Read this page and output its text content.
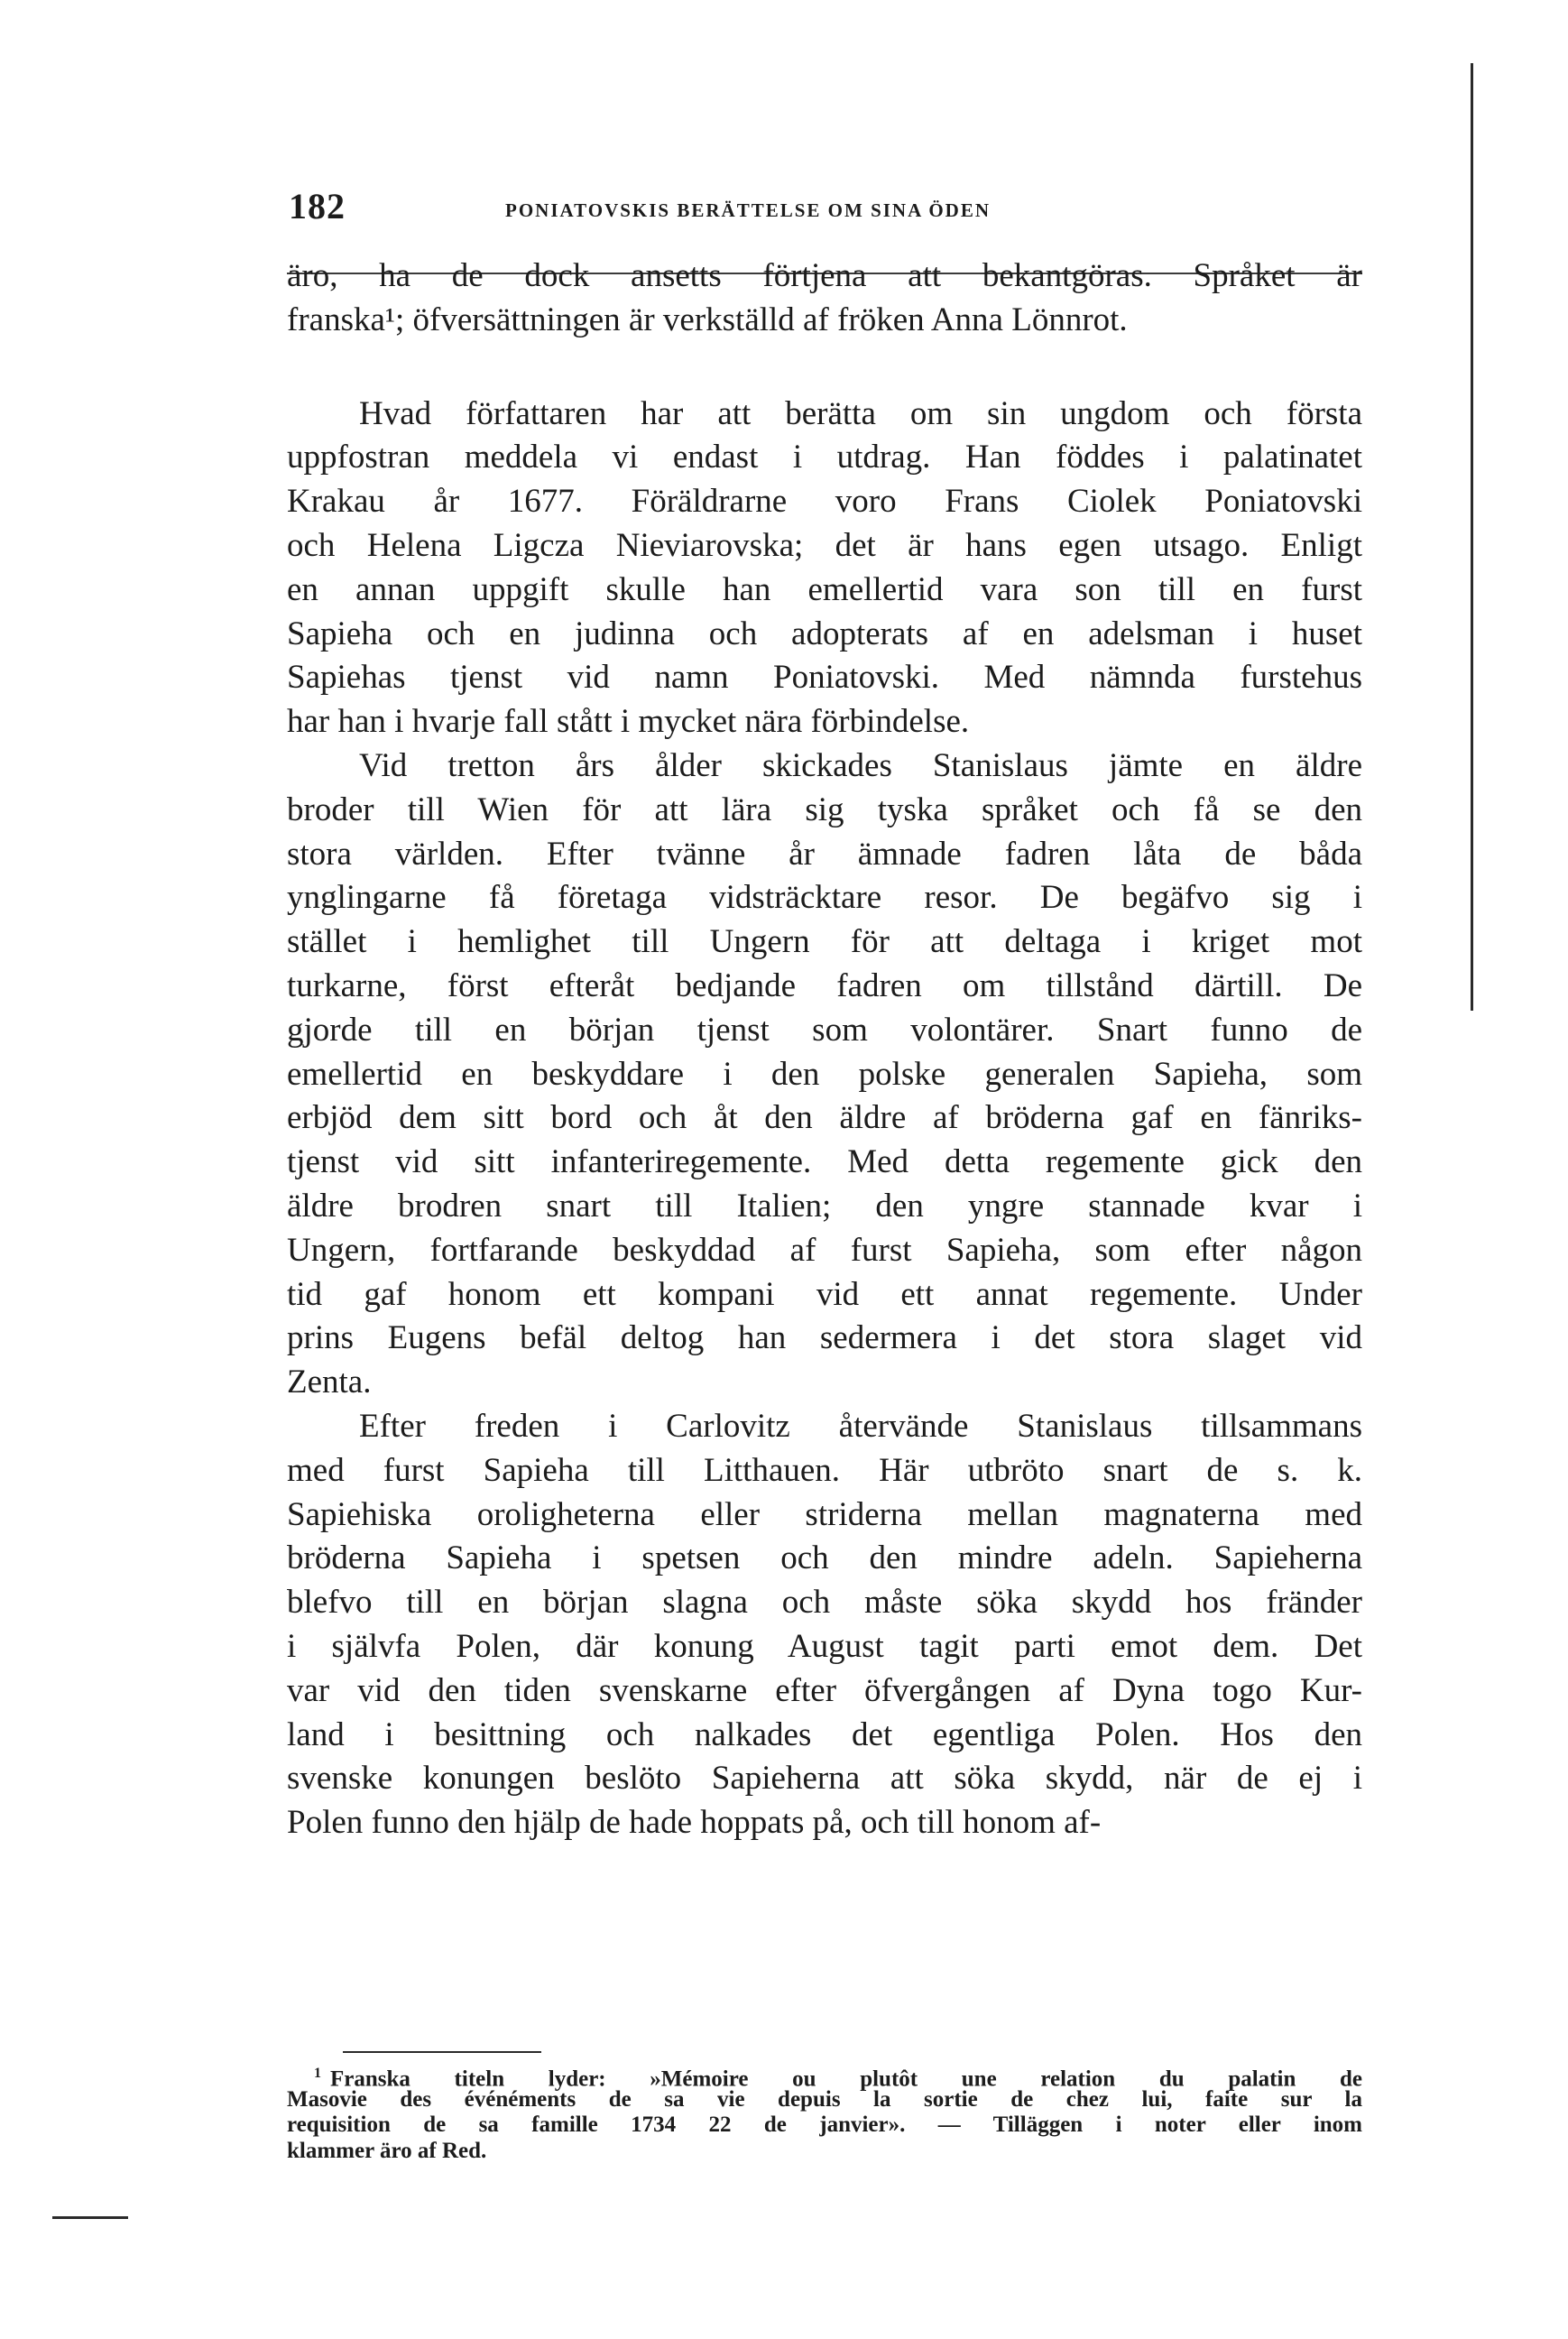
182	PONIATOVSKIS BERÄTTELSE OM SINA ÖDEN
äro, ha de dock ansetts förtjena att bekantgöras. Språket är
franska¹; öfversättningen är verkställd af fröken Anna Lönnrot.
Hvad författaren har att berätta om sin ungdom och första
uppfostran meddela vi endast i utdrag. Han föddes i palatinatet
Krakau år 1677. Föräldrarne voro Frans Ciolek Poniatovski
och Helena Ligcza Nieviarovska; det är hans egen utsago. Enligt
en annan uppgift skulle han emellertid vara son till en furst
Sapieha och en judinna och adopterats af en adelsman i huset
Sapiehas tjenst vid namn Poniatovski. Med nämnda furstehus
har han i hvarje fall stått i mycket nära förbindelse.
Vid tretton års ålder skickades Stanislaus jämte en äldre
broder till Wien för att lära sig tyska språket och få se den
stora världen. Efter tvänne år ämnade fadren låta de båda
ynglingarne få företaga vidsträcktare resor. De begäfvo sig i
stället i hemlighet till Ungern för att deltaga i kriget mot
turkarne, först efteråt bedjande fadren om tillstånd därtill. De
gjorde till en början tjenst som volontärer. Snart funno de
emellertid en beskyddare i den polske generalen Sapieha, som
erbjöd dem sitt bord och åt den äldre af bröderna gaf en fänriks-
tjenst vid sitt infanteriregemente. Med detta regemente gick den
äldre brodren snart till Italien; den yngre stannade kvar i
Ungern, fortfarande beskyddad af furst Sapieha, som efter någon
tid gaf honom ett kompani vid ett annat regemente. Under
prins Eugens befäl deltog han sedermera i det stora slaget vid
Zenta.
Efter freden i Carlovitz återvände Stanislaus tillsammans
med furst Sapieha till Litthauen. Här utbröto snart de s. k.
Sapiehiska oroligheterna eller striderna mellan magnaterna med
bröderna Sapieha i spetsen och den mindre adeln. Sapieherna
blefvo till en början slagna och måste söka skydd hos fränder
i självfa Polen, där konung August tagit parti emot dem. Det
var vid den tiden svenskarne efter öfvergången af Dyna togo Kur-
land i besittning och nalkades det egentliga Polen. Hos den
svenske konungen beslöto Sapieherna att söka skydd, när de ej i
Polen funno den hjälp de hade hoppats på, och till honom af-
$^1$ Franska titeln lyder: »Mémoire ou plutôt une relation du palatin de
Masovie des événéments de sa vie depuis la sortie de chez lui, faite sur la
requisition de sa famille 1734 22 de janvier». — Tilläggen i noter eller inom
klammer äro af Red.
